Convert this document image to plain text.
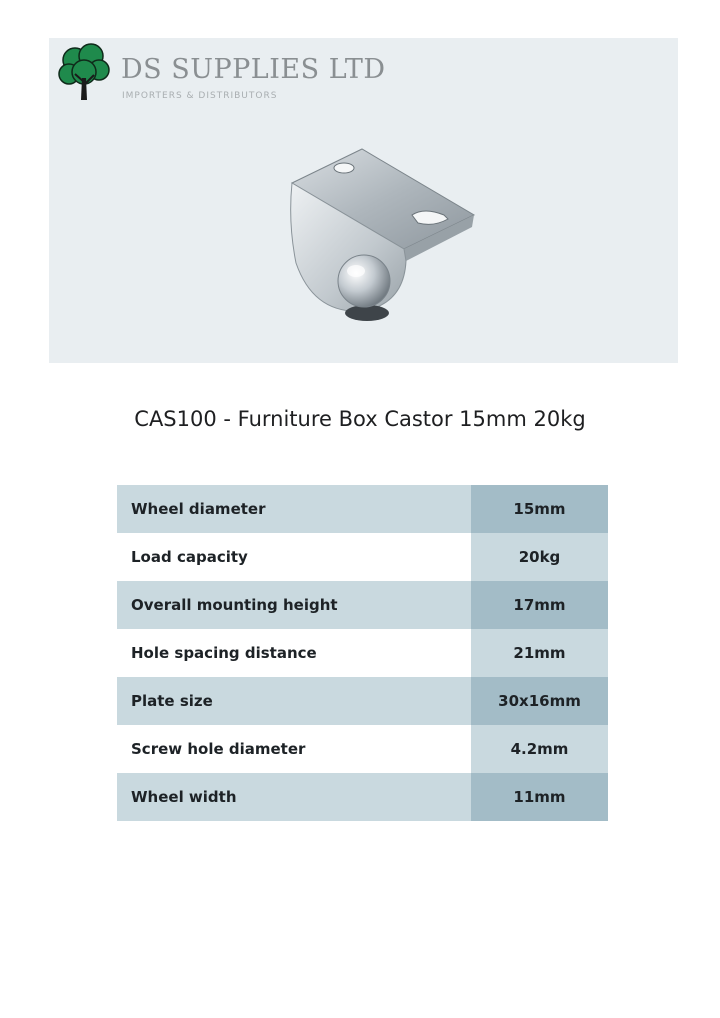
DS SUPPLIES LTD
IMPORTERS & DISTRIBUTORS
CAS100 - Furniture Box Castor 15mm 20kg
Wheel diameter	15mm
Load capacity	20kg
Overall mounting height	17mm
Hole spacing distance	21mm
Plate size	30x16mm
Screw hole diameter	4.2mm
Wheel width	11mm
